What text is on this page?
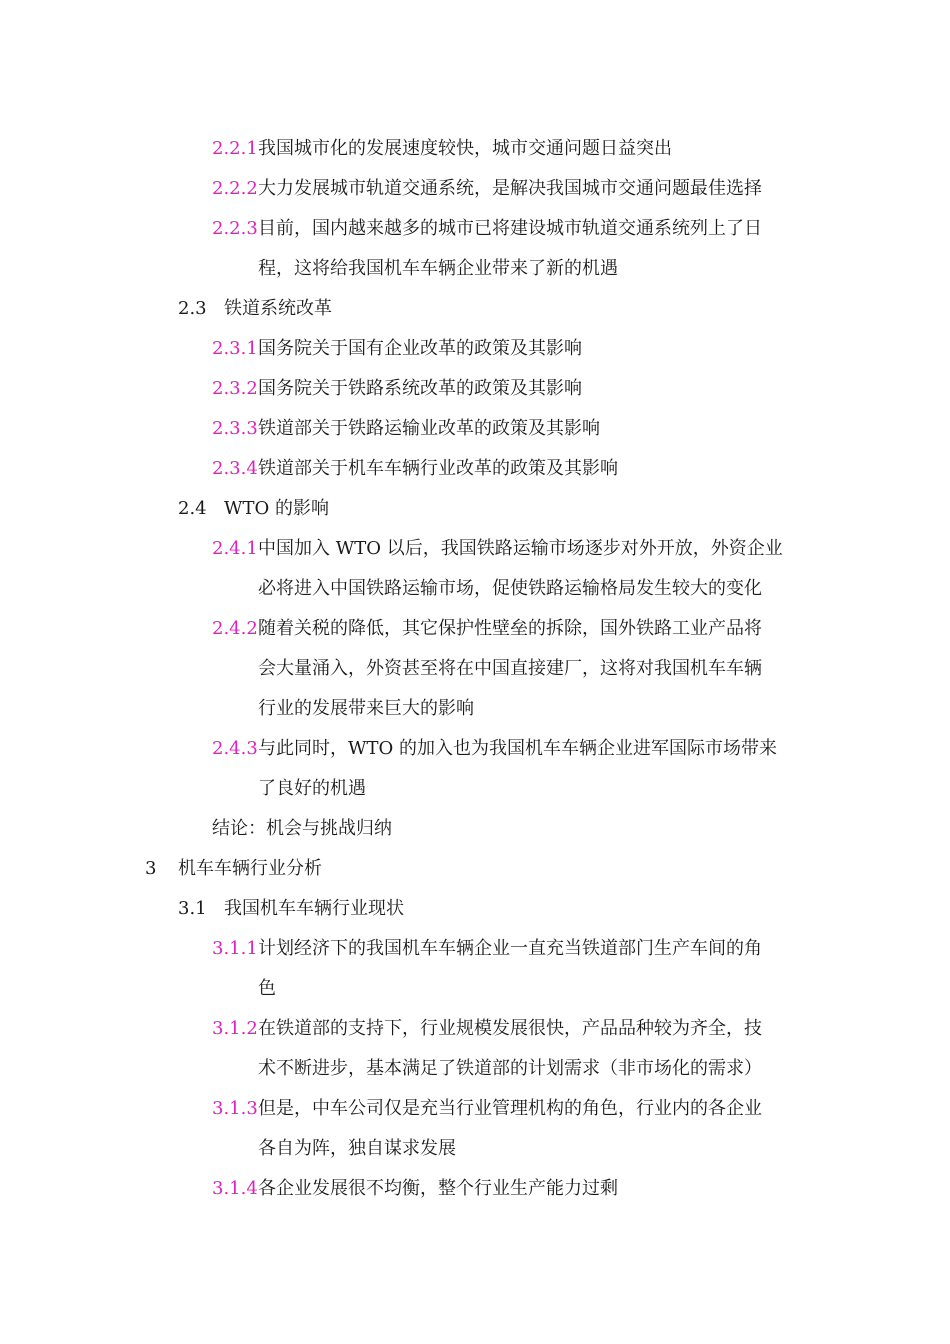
2.2.1 我国城市化的发展速度较快，城市交通问题日益突出
2.2.2 大力发展城市轨道交通系统，是解决我国城市交通问题最佳选择
2.2.3 目前，国内越来越多的城市已将建设城市轨道交通系统列上了日
程，这将给我国机车车辆企业带来了新的机遇
2.3 铁道系统改革
2.3.1 国务院关于国有企业改革的政策及其影响
2.3.2 国务院关于铁路系统改革的政策及其影响
2.3.3 铁道部关于铁路运输业改革的政策及其影响
2.3.4 铁道部关于机车车辆行业改革的政策及其影响
2.4 WTO 的影响
2.4.1 中国加入 WTO 以后，我国铁路运输市场逐步对外开放，外资企业
必将进入中国铁路运输市场，促使铁路运输格局发生较大的变化
2.4.2 随着关税的降低，其它保护性壁垒的拆除，国外铁路工业产品将
会大量涌入，外资甚至将在中国直接建厂，这将对我国机车车辆
行业的发展带来巨大的影响
2.4.3 与此同时，WTO 的加入也为我国机车车辆企业进军国际市场带来
了良好的机遇
结论：机会与挑战归纳
3 机车车辆行业分析
3.1 我国机车车辆行业现状
3.1.1 计划经济下的我国机车车辆企业一直充当铁道部门生产车间的角
色
3.1.2 在铁道部的支持下，行业规模发展很快，产品品种较为齐全，技
术不断进步，基本满足了铁道部的计划需求（非市场化的需求）
3.1.3 但是，中车公司仅是充当行业管理机构的角色，行业内的各企业
各自为阵，独自谋求发展
3.1.4 各企业发展很不均衡，整个行业生产能力过剩
